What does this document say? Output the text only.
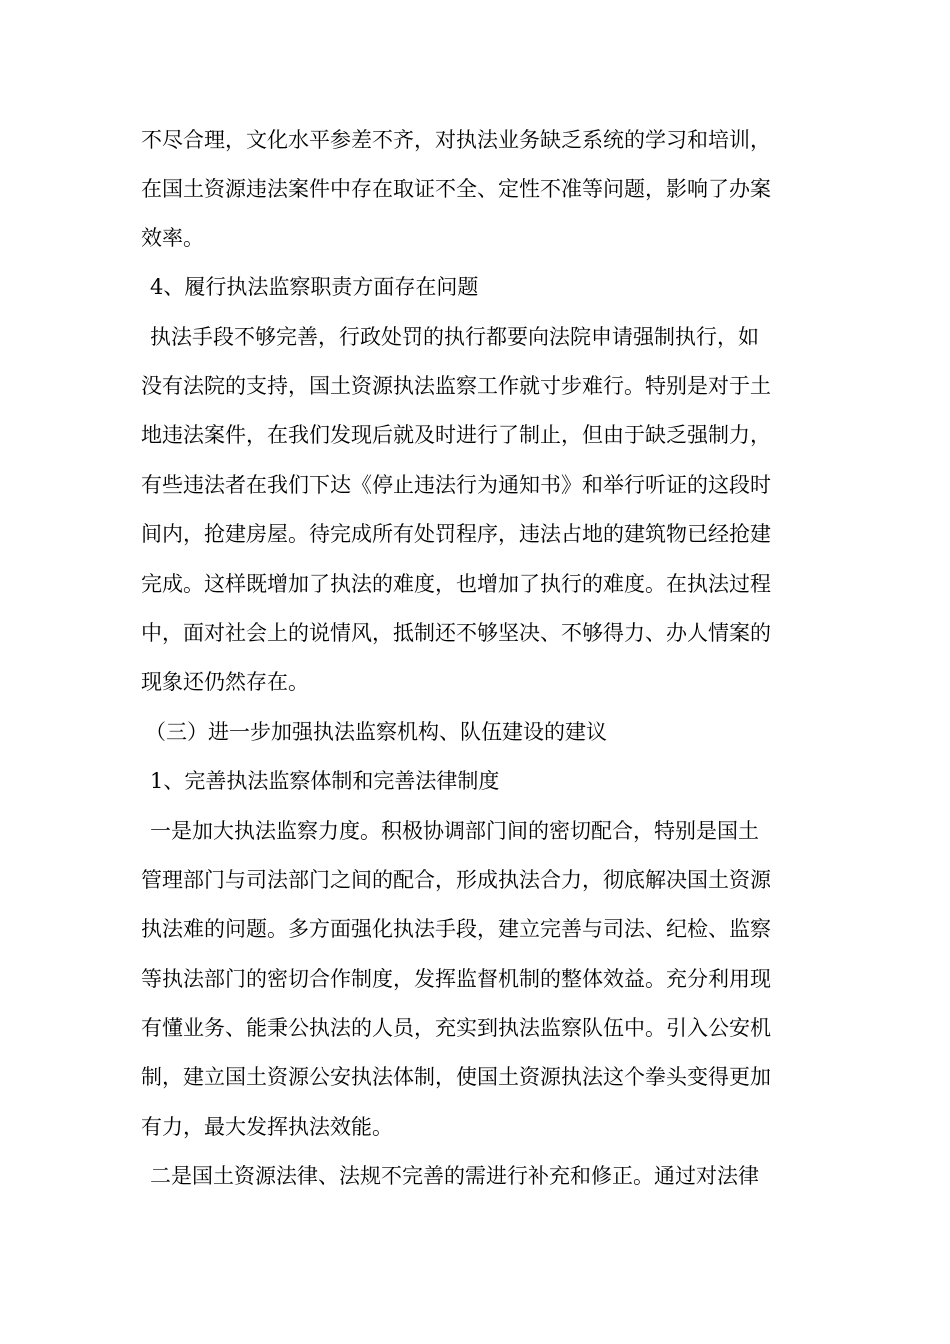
不尽合理，文化水平参差不齐，对执法业务缺乏系统的学习和培训，
在国土资源违法案件中存在取证不全、定性不准等问题，影响了办案
效率。
4、履行执法监察职责方面存在问题
执法手段不够完善，行政处罚的执行都要向法院申请强制执行，如
没有法院的支持，国土资源执法监察工作就寸步难行。特别是对于土
地违法案件，在我们发现后就及时进行了制止，但由于缺乏强制力，
有些违法者在我们下达《停止违法行为通知书》和举行听证的这段时
间内，抢建房屋。待完成所有处罚程序，违法占地的建筑物已经抢建
完成。这样既增加了执法的难度，也增加了执行的难度。在执法过程
中，面对社会上的说情风，抵制还不够坚决、不够得力、办人情案的
现象还仍然存在。
（三）进一步加强执法监察机构、队伍建设的建议
1、完善执法监察体制和完善法律制度
一是加大执法监察力度。积极协调部门间的密切配合，特别是国土
管理部门与司法部门之间的配合，形成执法合力，彻底解决国土资源
执法难的问题。多方面强化执法手段，建立完善与司法、纪检、监察
等执法部门的密切合作制度，发挥监督机制的整体效益。充分利用现
有懂业务、能秉公执法的人员，充实到执法监察队伍中。引入公安机
制，建立国土资源公安执法体制，使国土资源执法这个拳头变得更加
有力，最大发挥执法效能。
二是国土资源法律、法规不完善的需进行补充和修正。通过对法律
